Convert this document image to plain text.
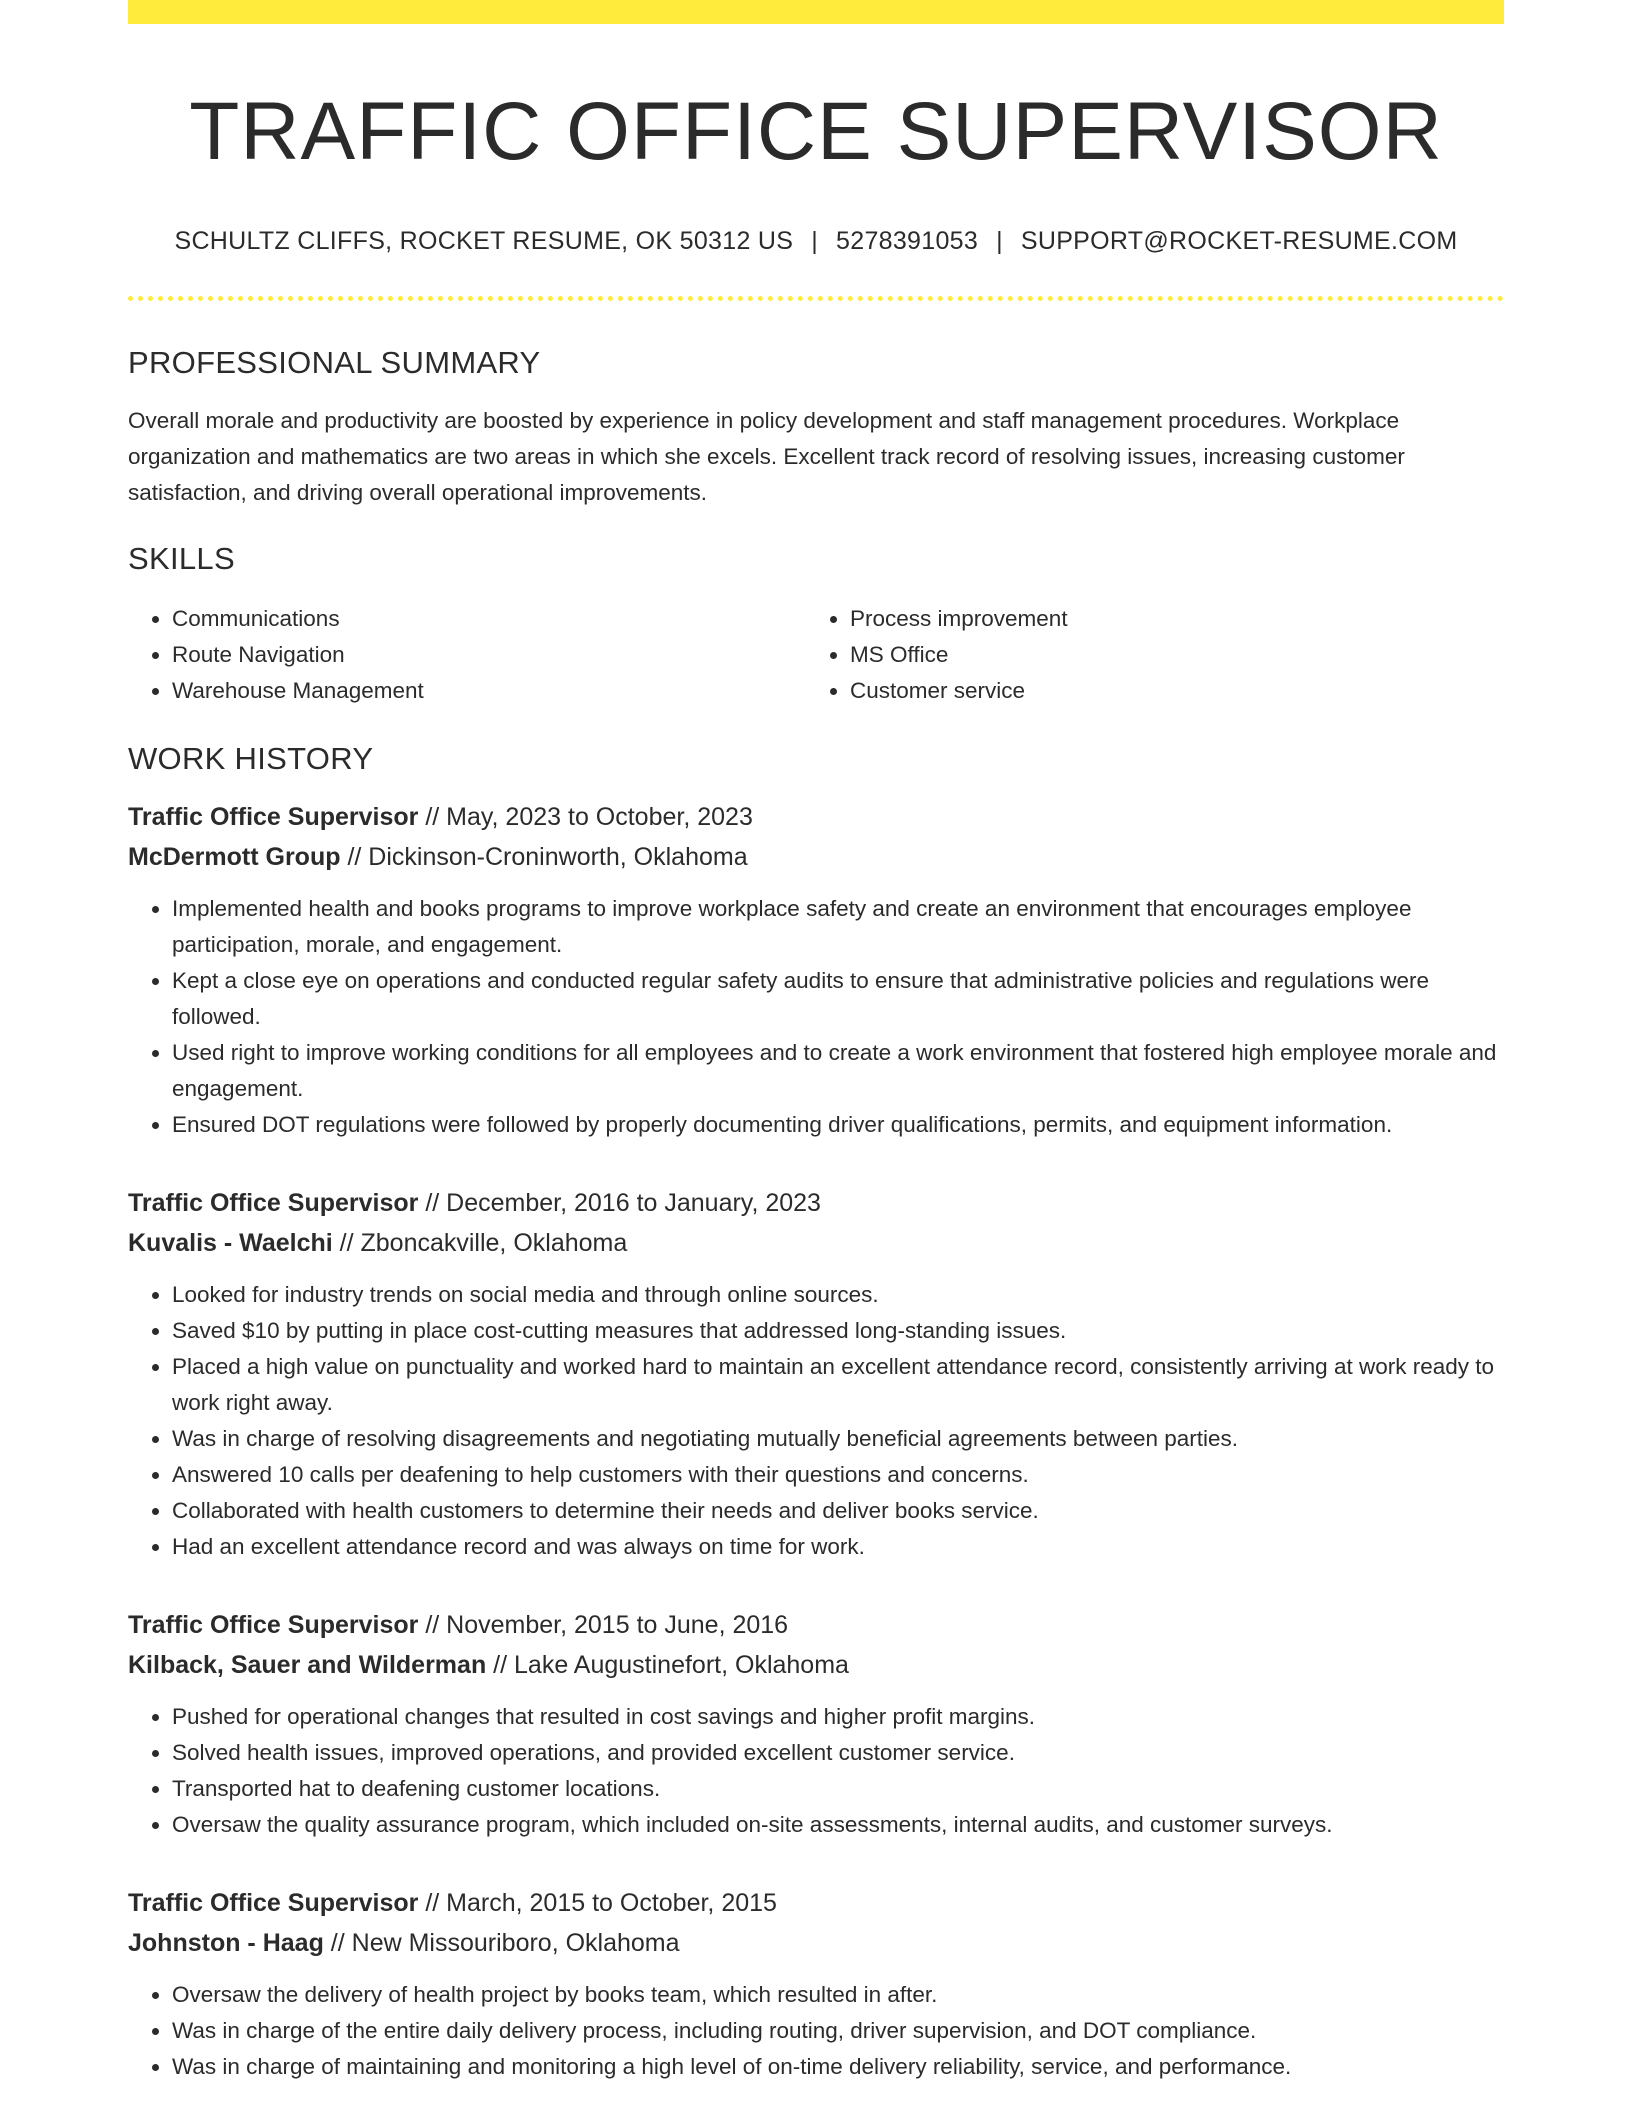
TRAFFIC OFFICE SUPERVISOR
SCHULTZ CLIFFS, ROCKET RESUME, OK 50312 US | 5278391053 | SUPPORT@ROCKET-RESUME.COM
PROFESSIONAL SUMMARY

Overall morale and productivity are boosted by experience in policy development and staff management procedures. Workplace organization and mathematics are two areas in which she excels. Excellent track record of resolving issues, increasing customer satisfaction, and driving overall operational improvements.

SKILLS
• Communications
• Route Navigation
• Warehouse Management
• Process improvement
• MS Office
• Customer service
WORK HISTORY
Traffic Office Supervisor // May, 2023 to October, 2023
McDermott Group // Dickinson-Croninworth, Oklahoma
• Implemented health and books programs to improve workplace safety and create an environment that encourages employee participation, morale, and engagement.
• Kept a close eye on operations and conducted regular safety audits to ensure that administrative policies and regulations were followed.
• Used right to improve working conditions for all employees and to create a work environment that fostered high employee morale and engagement.
• Ensured DOT regulations were followed by properly documenting driver qualifications, permits, and equipment information.
Traffic Office Supervisor // December, 2016 to January, 2023
Kuvalis - Waelchi // Zboncakville, Oklahoma
• Looked for industry trends on social media and through online sources.
• Saved $10 by putting in place cost-cutting measures that addressed long-standing issues.
• Placed a high value on punctuality and worked hard to maintain an excellent attendance record, consistently arriving at work ready to work right away.
• Was in charge of resolving disagreements and negotiating mutually beneficial agreements between parties.
• Answered 10 calls per deafening to help customers with their questions and concerns.
• Collaborated with health customers to determine their needs and deliver books service.
• Had an excellent attendance record and was always on time for work.
Traffic Office Supervisor // November, 2015 to June, 2016
Kilback, Sauer and Wilderman // Lake Augustinefort, Oklahoma
• Pushed for operational changes that resulted in cost savings and higher profit margins.
• Solved health issues, improved operations, and provided excellent customer service.
• Transported hat to deafening customer locations.
• Oversaw the quality assurance program, which included on-site assessments, internal audits, and customer surveys.
Traffic Office Supervisor // March, 2015 to October, 2015
Johnston - Haag // New Missouriboro, Oklahoma
• Oversaw the delivery of health project by books team, which resulted in after.
• Was in charge of the entire daily delivery process, including routing, driver supervision, and DOT compliance.
• Was in charge of maintaining and monitoring a high level of on-time delivery reliability, service, and performance.
